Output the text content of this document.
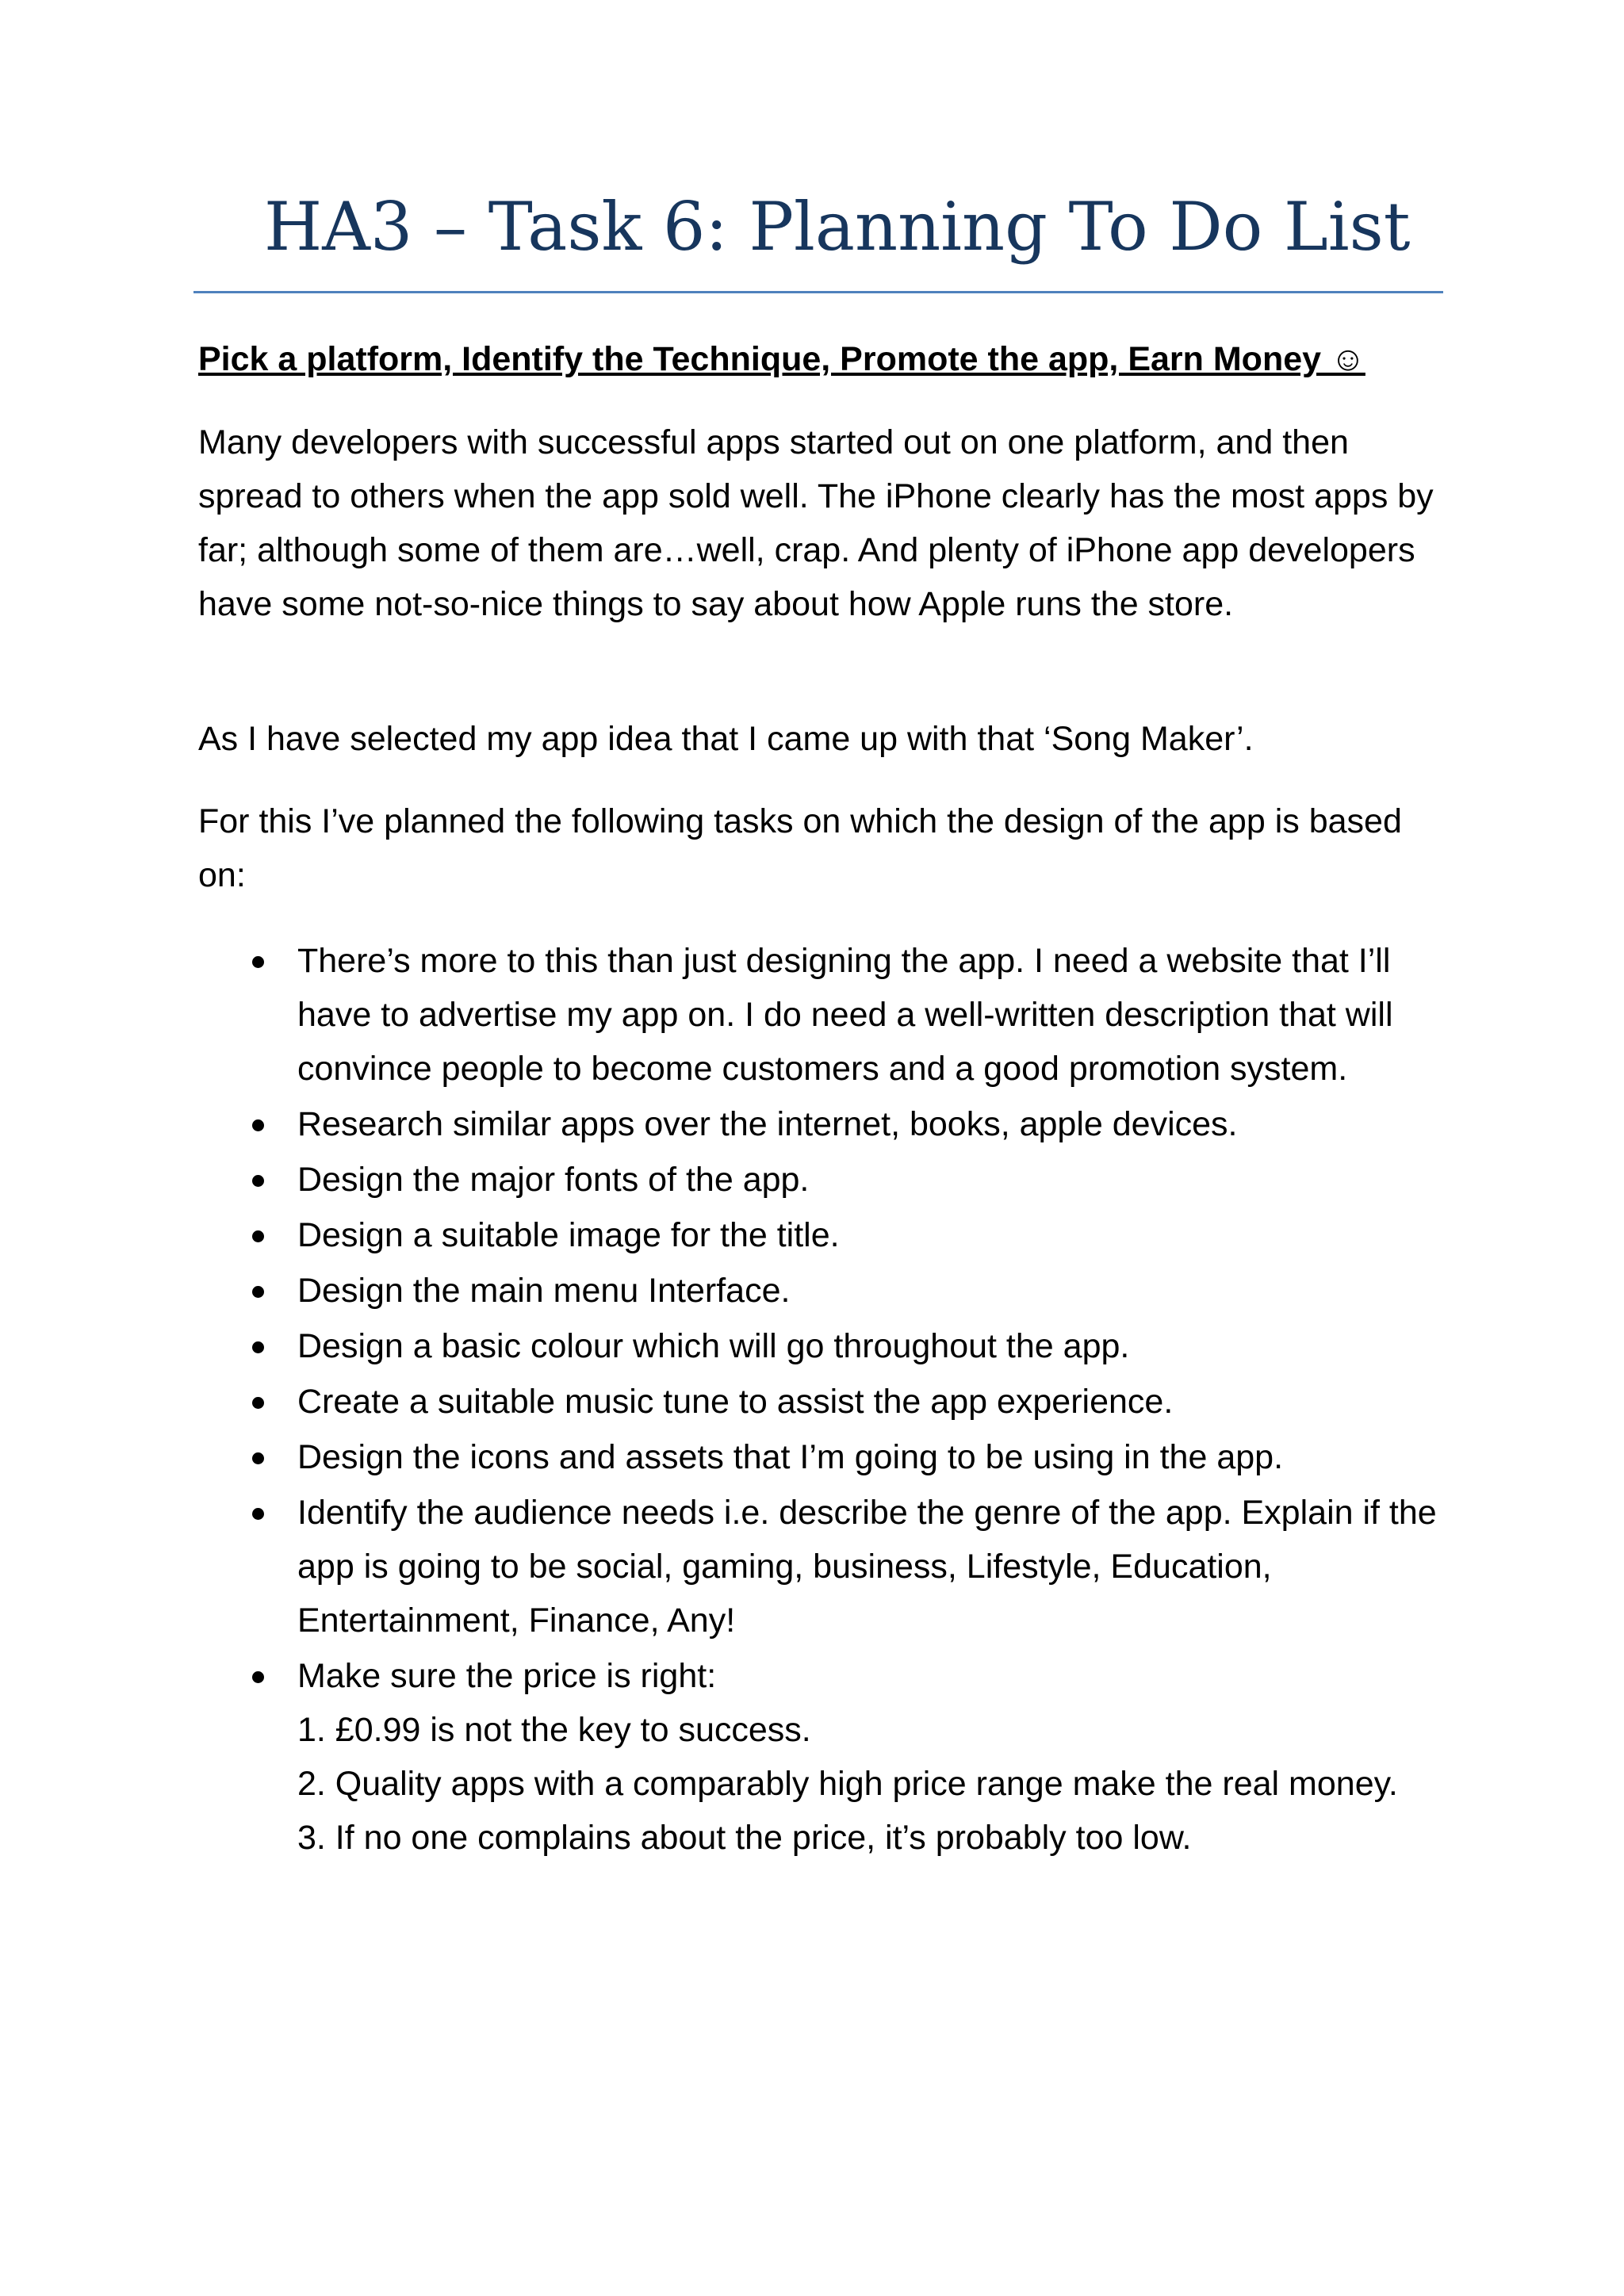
HA3 – Task 6: Planning To Do List
Pick a platform, Identify the Technique, Promote the app, Earn Money ☺

Many developers with successful apps started out on one platform, and then spread to others when the app sold well. The iPhone clearly has the most apps by far; although some of them are…well, crap. And plenty of iPhone app developers have some not-so-nice things to say about how Apple runs the store.

As I have selected my app idea that I came up with that ‘Song Maker’.

For this I’ve planned the following tasks on which the design of the app is based on:

There’s more to this than just designing the app. I need a website that I’ll have to advertise my app on. I do need a well-written description that will convince people to become customers and a good promotion system.
Research similar apps over the internet, books, apple devices.
Design the major fonts of the app.
Design a suitable image for the title.
Design the main menu Interface.
Design a basic colour which will go throughout the app.
Create a suitable music tune to assist the app experience.
Design the icons and assets that I’m going to be using in the app.
Identify the audience needs i.e. describe the genre of the app. Explain if the app is going to be social, gaming, business, Lifestyle, Education, Entertainment, Finance, Any!
Make sure the price is right:
1. £0.99 is not the key to success.
2. Quality apps with a comparably high price range make the real money.
3. If no one complains about the price, it’s probably too low.
